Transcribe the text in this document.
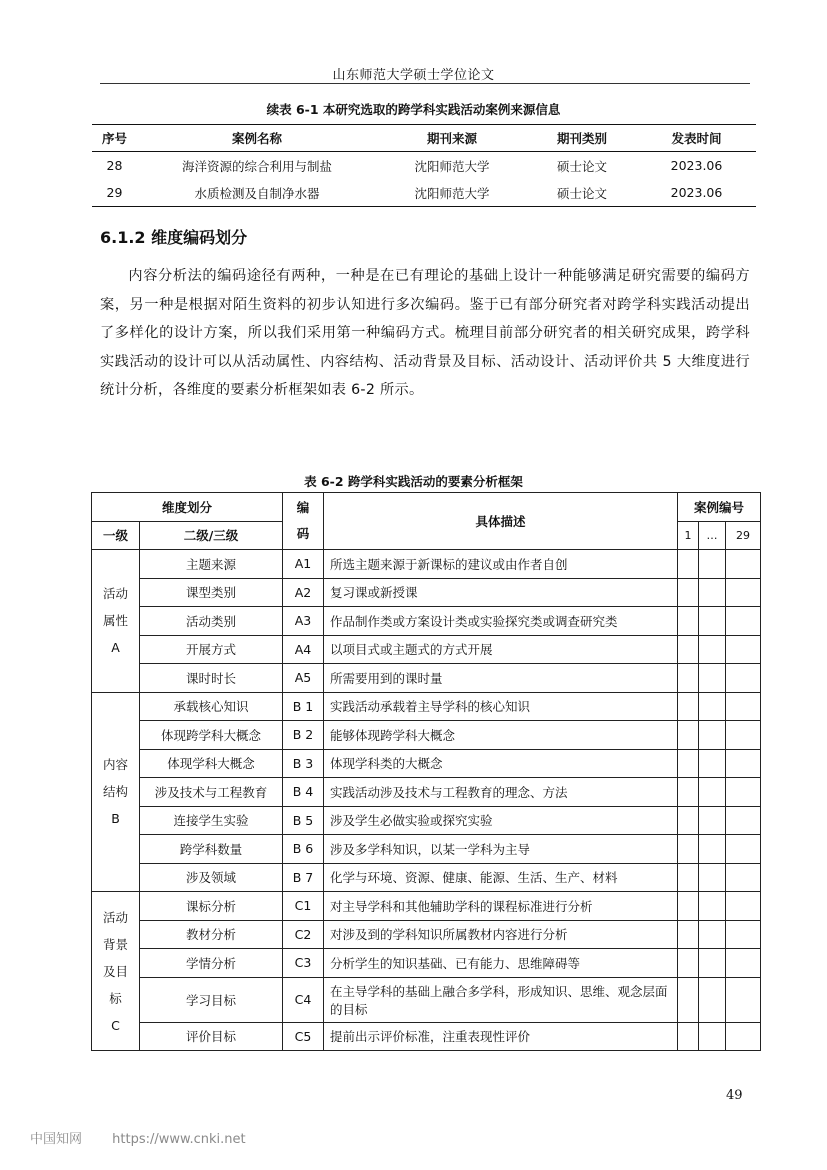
山东师范大学硕士学位论文
续表 6-1 本研究选取的跨学科实践活动案例来源信息
序号	案例名称	期刊来源	期刊类别	发表时间
28	海洋资源的综合利用与制盐	沈阳师范大学	硕士论文	2023.06
29	水质检测及自制净水器	沈阳师范大学	硕士论文	2023.06
6.1.2 维度编码划分
内容分析法的编码途径有两种，一种是在已有理论的基础上设计一种能够满足研究需要的编码方案，另一种是根据对陌生资料的初步认知进行多次编码。鉴于已有部分研究者对跨学科实践活动提出了多样化的设计方案，所以我们采用第一种编码方式。梳理目前部分研究者的相关研究成果，跨学科实践活动的设计可以从活动属性、内容结构、活动背景及目标、活动设计、活动评价共 5 大维度进行统计分析，各维度的要素分析框架如表 6-2 所示。
表 6-2 跨学科实践活动的要素分析框架
维度划分		编
码	具体描述	案例编号		
一级	二级/三级			1	…	29

活动
属性
A	主题来源	A1	所选主题来源于新课标的建议或由作者自创			
	课型类别	A2	复习课或新授课			
	活动类别	A3	作品制作类或方案设计类或实验探究类或调查研究类			
	开展方式	A4	以项目式或主题式的方式开展			
	课时时长	A5	所需要用到的课时量			

内容
结构
B	承载核心知识	B 1	实践活动承载着主导学科的核心知识			
	体现跨学科大概念	B 2	能够体现跨学科大概念			
	体现学科大概念	B 3	体现学科类的大概念			
	涉及技术与工程教育	B 4	实践活动涉及技术与工程教育的理念、方法			
	连接学生实验	B 5	涉及学生必做实验或探究实验			
	跨学科数量	B 6	涉及多学科知识，以某一学科为主导			
	涉及领域	B 7	化学与环境、资源、健康、能源、生活、生产、材料			

活动
背景
及目
标
C	课标分析	C1	对主导学科和其他辅助学科的课程标准进行分析			
	教材分析	C2	对涉及到的学科知识所属教材内容进行分析			
	学情分析	C3	分析学生的知识基础、已有能力、思维障碍等			
	学习目标	C4	在主导学科的基础上融合多学科，形成知识、思维、观念层面的目标			
	评价目标	C5	提前出示评价标准，注重表现性评价			
49
中国知网 https://www.cnki.net
